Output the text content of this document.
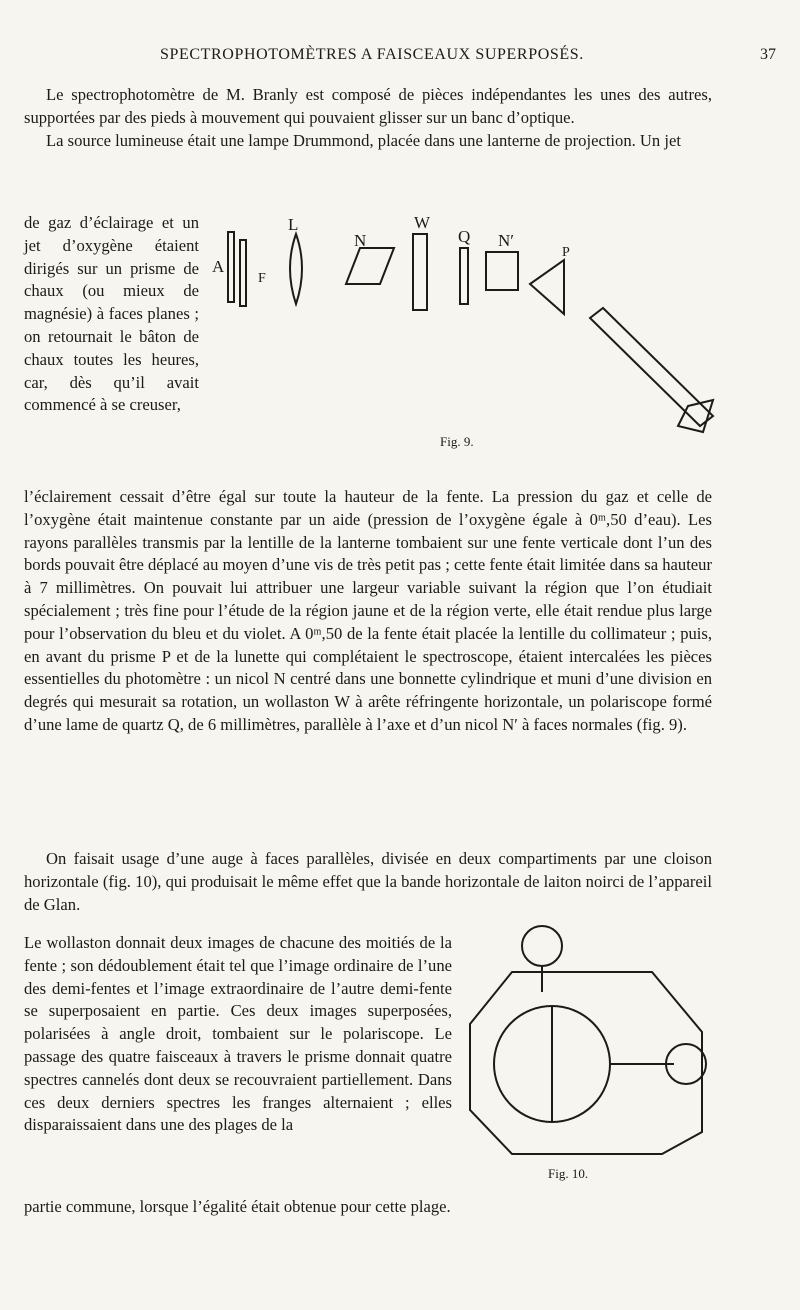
SPECTROPHOTOMÈTRES A FAISCEAUX SUPERPOSÉS.	37

Le spectrophotomètre de M. Branly est composé de pièces indépendantes les unes des autres, supportées par des pieds à mouvement qui pouvaient glisser sur un banc d’optique.

La source lumineuse était une lampe Drummond, placée dans une lanterne de projection. Un jet

de gaz d’éclairage et un jet d’oxygène étaient dirigés sur un prisme de chaux (ou mieux de magnésie) à faces planes ; on retournait le bâton de chaux toutes les heures, car, dès qu’il avait commencé à se creuser,

A
F
L
N
W
Q N′
P
Fig. 9.

l’éclairement cessait d’être égal sur toute la hauteur de la fente. La pression du gaz et celle de l’oxygène était maintenue constante par un aide (pression de l’oxygène égale à 0ᵐ,50 d’eau). Les rayons parallèles transmis par la lentille de la lanterne tombaient sur une fente verticale dont l’un des bords pouvait être déplacé au moyen d’une vis de très petit pas ; cette fente était limitée dans sa hauteur à 7 millimètres. On pouvait lui attribuer une largeur variable suivant la région que l’on étudiait spécialement ; très fine pour l’étude de la région jaune et de la région verte, elle était rendue plus large pour l’observation du bleu et du violet. A 0ᵐ,50 de la fente était placée la lentille du collimateur ; puis, en avant du prisme P et de la lunette qui complétaient le spectroscope, étaient intercalées les pièces essentielles du photomètre : un nicol N centré dans une bonnette cylindrique et muni d’une division en degrés qui mesurait sa rotation, un wollaston W à arête réfringente horizontale, un polariscope formé d’une lame de quartz Q, de 6 millimètres, parallèle à l’axe et d’un nicol N′ à faces normales (fig. 9).

On faisait usage d’une auge à faces parallèles, divisée en deux compartiments par une cloison horizontale (fig. 10), qui produisait le même effet que la bande horizontale de laiton noirci de l’appareil de Glan.

Le wollaston donnait deux images de chacune des moitiés de la fente ; son dédoublement était tel que l’image ordinaire de l’une des demi-fentes et l’image extraordinaire de l’autre demi-fente se superposaient en partie. Ces deux images superposées, polarisées à angle droit, tombaient sur le polariscope. Le passage des quatre faisceaux à travers le prisme donnait quatre spectres cannelés dont deux se recouvraient partiellement. Dans ces deux derniers spectres les franges alternaient ; elles disparaissaient dans une des plages de la

Fig. 10.

partie commune, lorsque l’égalité était obtenue pour cette plage.
